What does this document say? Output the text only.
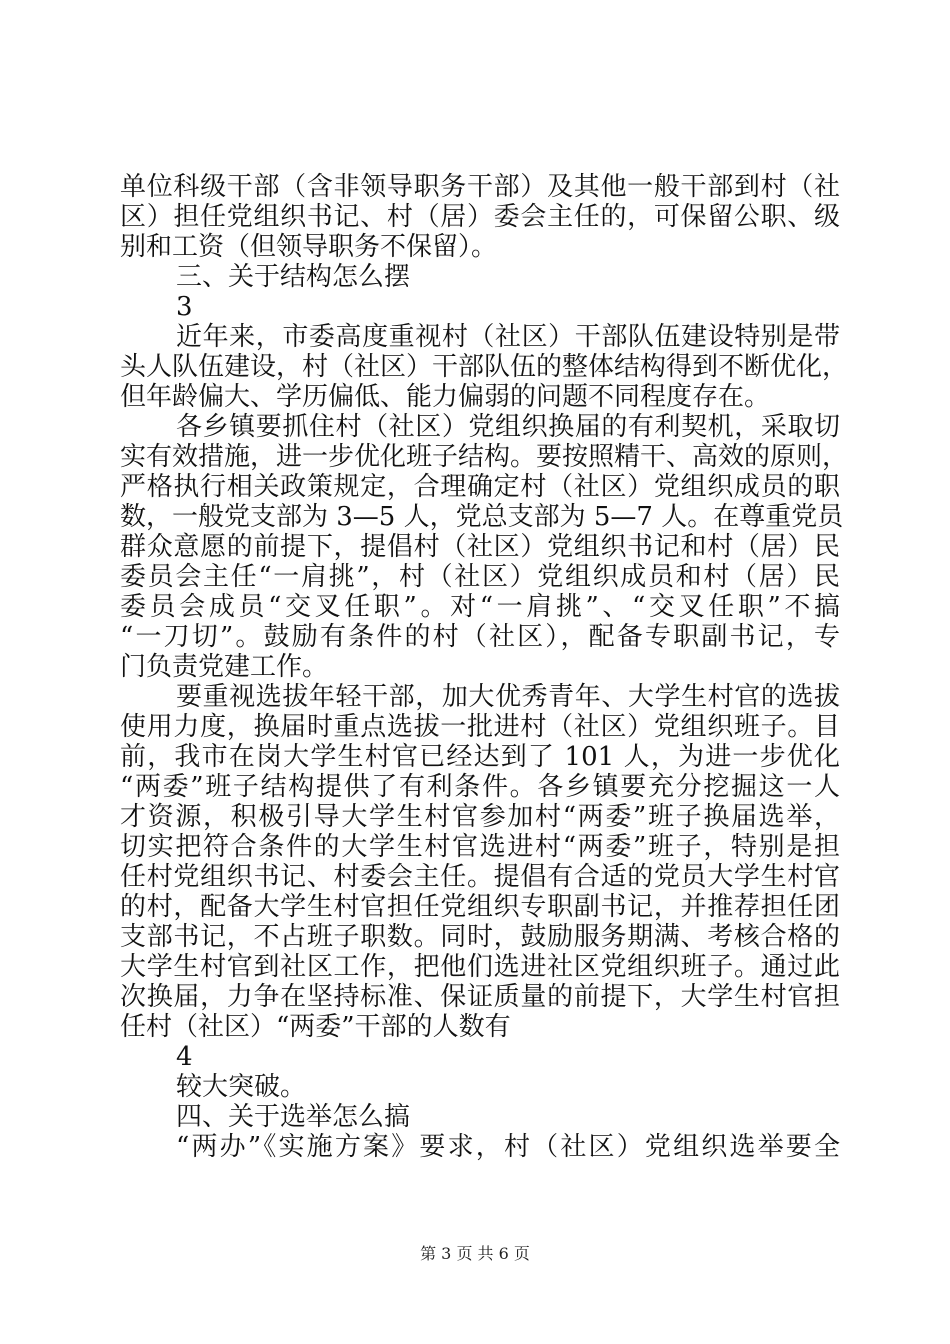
单位科级干部（含非领导职务干部）及其他一般干部到村（社
区）担任党组织书记、村（居）委会主任的，可保留公职、级
别和工资（但领导职务不保留）。
三、关于结构怎么摆
3
近年来，市委高度重视村（社区）干部队伍建设特别是带
头人队伍建设，村（社区）干部队伍的整体结构得到不断优化，
但年龄偏大、学历偏低、能力偏弱的问题不同程度存在。
各乡镇要抓住村（社区）党组织换届的有利契机，采取切
实有效措施，进一步优化班子结构。要按照精干、高效的原则，
严格执行相关政策规定，合理确定村（社区）党组织成员的职
数，一般党支部为 3—5 人，党总支部为 5—7 人。在尊重党员
群众意愿的前提下，提倡村（社区）党组织书记和村（居）民
委员会主任“一肩挑”，村（社区）党组织成员和村（居）民
委员会成员“交叉任职”。对“一肩挑”、“交叉任职”不搞
“一刀切”。鼓励有条件的村（社区），配备专职副书记，专
门负责党建工作。
要重视选拔年轻干部，加大优秀青年、大学生村官的选拔
使用力度，换届时重点选拔一批进村（社区）党组织班子。目
前，我市在岗大学生村官已经达到了 101 人，为进一步优化
“两委”班子结构提供了有利条件。各乡镇要充分挖掘这一人
才资源，积极引导大学生村官参加村“两委”班子换届选举，
切实把符合条件的大学生村官选进村“两委”班子，特别是担
任村党组织书记、村委会主任。提倡有合适的党员大学生村官
的村，配备大学生村官担任党组织专职副书记，并推荐担任团
支部书记，不占班子职数。同时，鼓励服务期满、考核合格的
大学生村官到社区工作，把他们选进社区党组织班子。通过此
次换届，力争在坚持标准、保证质量的前提下，大学生村官担
任村（社区）“两委”干部的人数有
4
较大突破。
四、关于选举怎么搞
“两办”《实施方案》要求，村（社区）党组织选举要全
第 3 页 共 6 页
